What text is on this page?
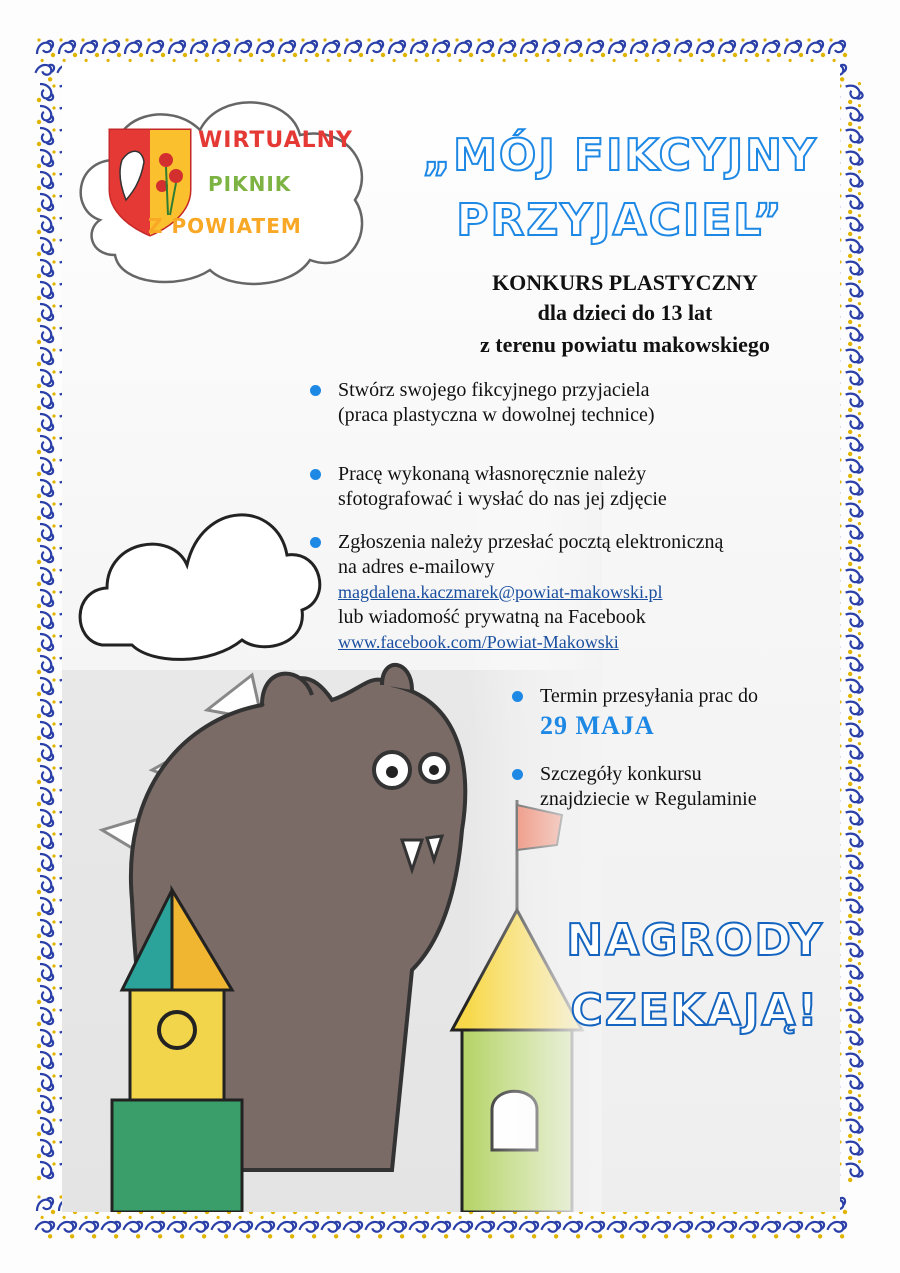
WIRTUALNY
PIKNIK
Z POWIATEM
„MÓJ FIKCYJNY
PRZYJACIEL”
KONKURS PLASTYCZNY
dla dzieci do 13 lat
z terenu powiatu makowskiego
Stwórz swojego fikcyjnego przyjaciela
(praca plastyczna w dowolnej technice)
Pracę wykonaną własnoręcznie należy
sfotografować i wysłać do nas jej zdjęcie
Zgłoszenia należy przesłać pocztą elektroniczną
na adres e-mailowy
magdalena.kaczmarek@powiat-makowski.pl
lub wiadomość prywatną na Facebook
www.facebook.com/Powiat-Makowski
Termin przesyłania prac do
29 MAJA
Szczegóły konkursu
znajdziecie w Regulaminie
NAGRODY
CZEKAJĄ!
